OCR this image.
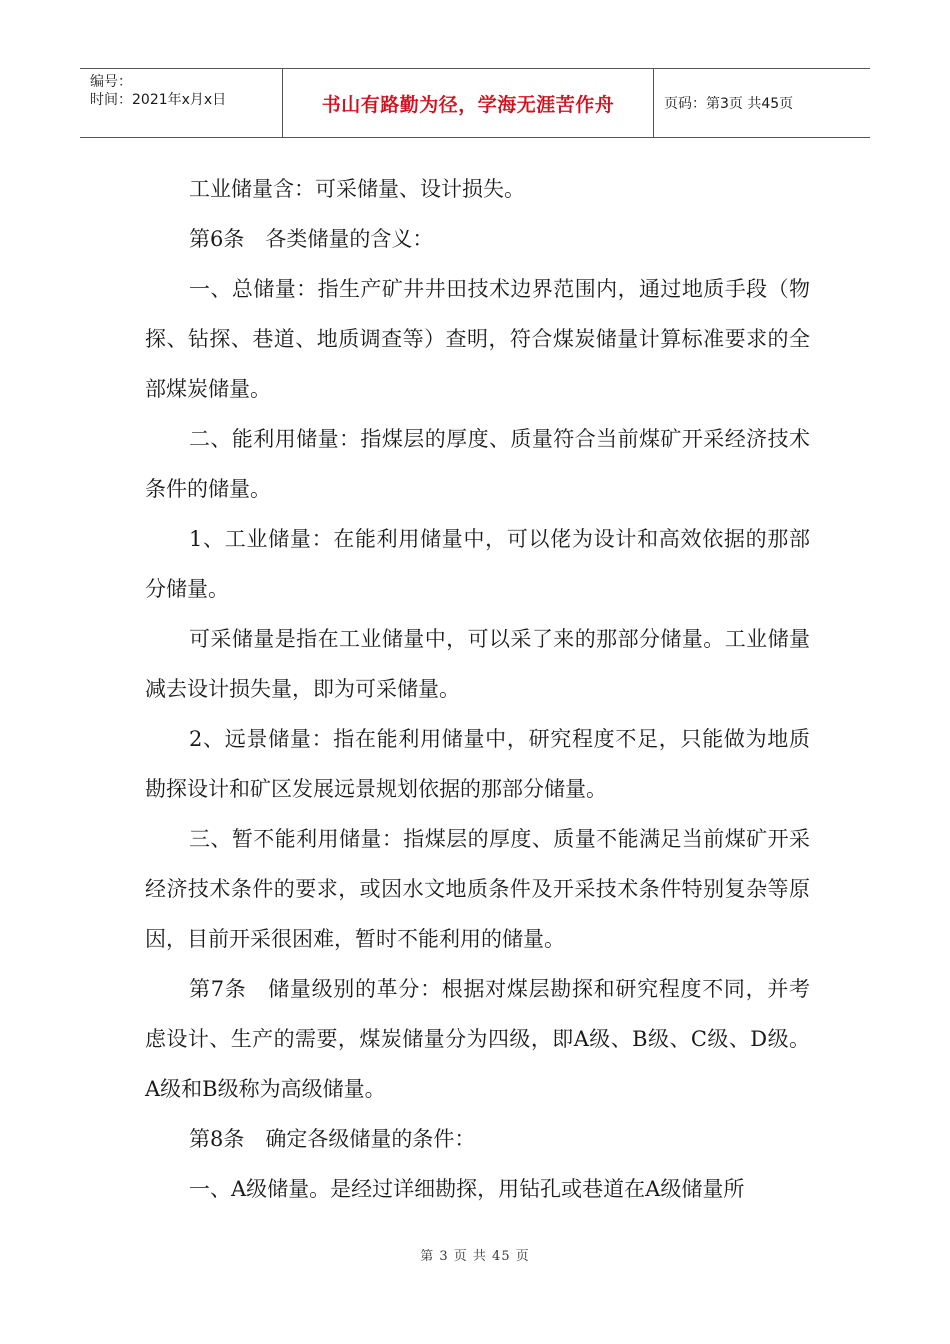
编号：
时间：2021年x月x日	书山有路勤为径，学海无涯苦作舟	页码：第3页 共45页

工业储量含：可采储量、设计损失。

第6条　各类储量的含义：

一、总储量：指生产矿井井田技术边界范围内，通过地质手段（物探、钻探、巷道、地质调查等）查明，符合煤炭储量计算标准要求的全部煤炭储量。

二、能利用储量：指煤层的厚度、质量符合当前煤矿开采经济技术条件的储量。

1、工业储量：在能利用储量中，可以佬为设计和高效依据的那部分储量。

可采储量是指在工业储量中，可以采了来的那部分储量。工业储量减去设计损失量，即为可采储量。

2、远景储量：指在能利用储量中，研究程度不足，只能做为地质勘探设计和矿区发展远景规划依据的那部分储量。

三、暂不能利用储量：指煤层的厚度、质量不能满足当前煤矿开采经济技术条件的要求，或因水文地质条件及开采技术条件特别复杂等原因，目前开采很困难，暂时不能利用的储量。

第7条　储量级别的革分：根据对煤层勘探和研究程度不同，并考虑设计、生产的需要，煤炭储量分为四级，即A级、B级、C级、D级。A级和B级称为高级储量。

第8条　确定各级储量的条件：

一、A级储量。是经过详细勘探，用钻孔或巷道在A级储量所

第 3 页 共 45 页
